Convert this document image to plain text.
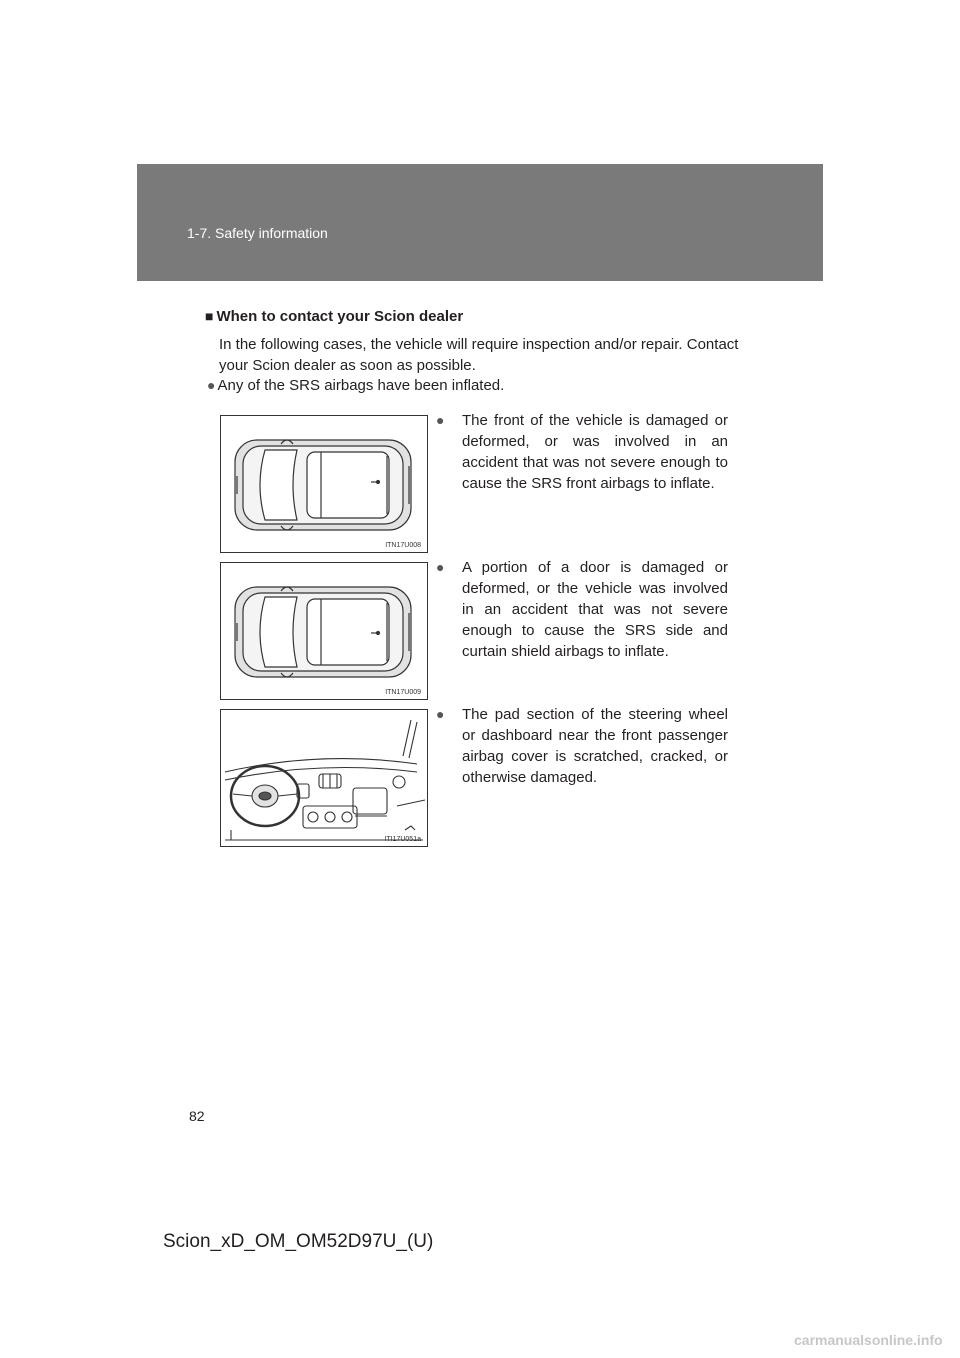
1-7. Safety information
■ When to contact your Scion dealer
In the following cases, the vehicle will require inspection and/or repair. Contact your Scion dealer as soon as possible.
● Any of the SRS airbags have been inflated.
ITN17U008
● The front of the vehicle is damaged or deformed, or was involved in an accident that was not severe enough to cause the SRS front airbags to inflate.
ITN17U009
● A portion of a door is damaged or deformed, or the vehicle was involved in an accident that was not severe enough to cause the SRS side and curtain shield airbags to inflate.
ITI17U051a
● The pad section of the steering wheel or dashboard near the front passenger airbag cover is scratched, cracked, or otherwise damaged.
82
Scion_xD_OM_OM52D97U_(U)
carmanualsonline.info
